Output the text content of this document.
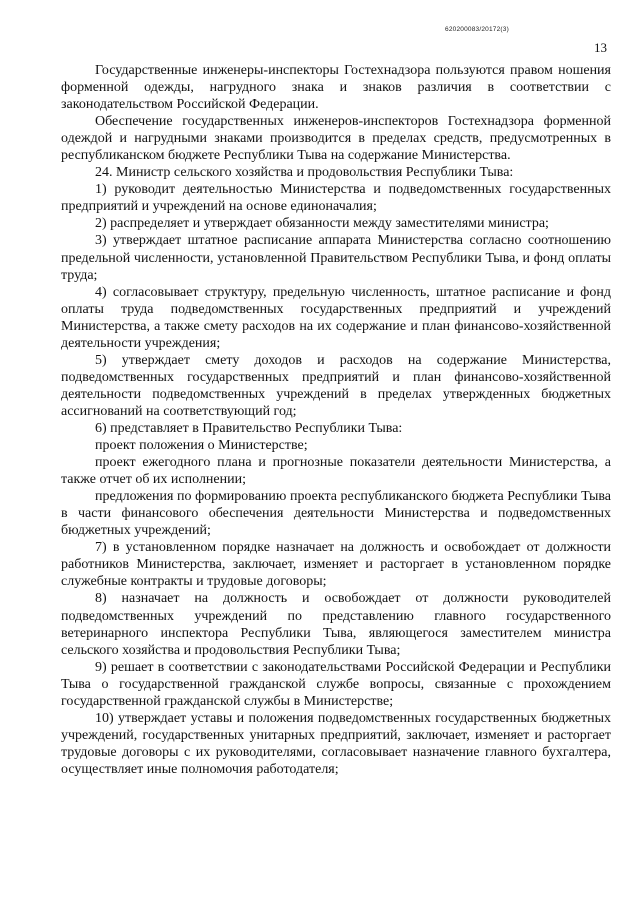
620200083/20172(3)
13

Государственные инженеры-инспекторы Гостехнадзора пользуются правом ношения форменной одежды, нагрудного знака и знаков различия в соответствии с законодательством Российской Федерации.

Обеспечение государственных инженеров-инспекторов Гостехнадзора форменной одеждой и нагрудными знаками производится в пределах средств, предусмотренных в республиканском бюджете Республики Тыва на содержание Министерства.

24. Министр сельского хозяйства и продовольствия Республики Тыва:

1) руководит деятельностью Министерства и подведомственных государственных предприятий и учреждений на основе единоначалия;

2) распределяет и утверждает обязанности между заместителями министра;

3) утверждает штатное расписание аппарата Министерства согласно соотношению предельной численности, установленной Правительством Республики Тыва, и фонд оплаты труда;

4) согласовывает структуру, предельную численность, штатное расписание и фонд оплаты труда подведомственных государственных предприятий и учреждений Министерства, а также смету расходов на их содержание и план финансово-хозяйственной деятельности учреждения;

5) утверждает смету доходов и расходов на содержание Министерства, подведомственных государственных предприятий и план финансово-хозяйственной деятельности подведомственных учреждений в пределах утвержденных бюджетных ассигнований на соответствующий год;

6) представляет в Правительство Республики Тыва:

проект положения о Министерстве;

проект ежегодного плана и прогнозные показатели деятельности Министерства, а также отчет об их исполнении;

предложения по формированию проекта республиканского бюджета Республики Тыва в части финансового обеспечения деятельности Министерства и подведомственных бюджетных учреждений;

7) в установленном порядке назначает на должность и освобождает от должности работников Министерства, заключает, изменяет и расторгает в установленном порядке служебные контракты и трудовые договоры;

8) назначает на должность и освобождает от должности руководителей подведомственных учреждений по представлению главного государственного ветеринарного инспектора Республики Тыва, являющегося заместителем министра сельского хозяйства и продовольствия Республики Тыва;

9) решает в соответствии с законодательствами Российской Федерации и Республики Тыва о государственной гражданской службе вопросы, связанные с прохождением государственной гражданской службы в Министерстве;

10) утверждает уставы и положения подведомственных государственных бюджетных учреждений, государственных унитарных предприятий, заключает, изменяет и расторгает трудовые договоры с их руководителями, согласовывает назначение главного бухгалтера, осуществляет иные полномочия работодателя;
